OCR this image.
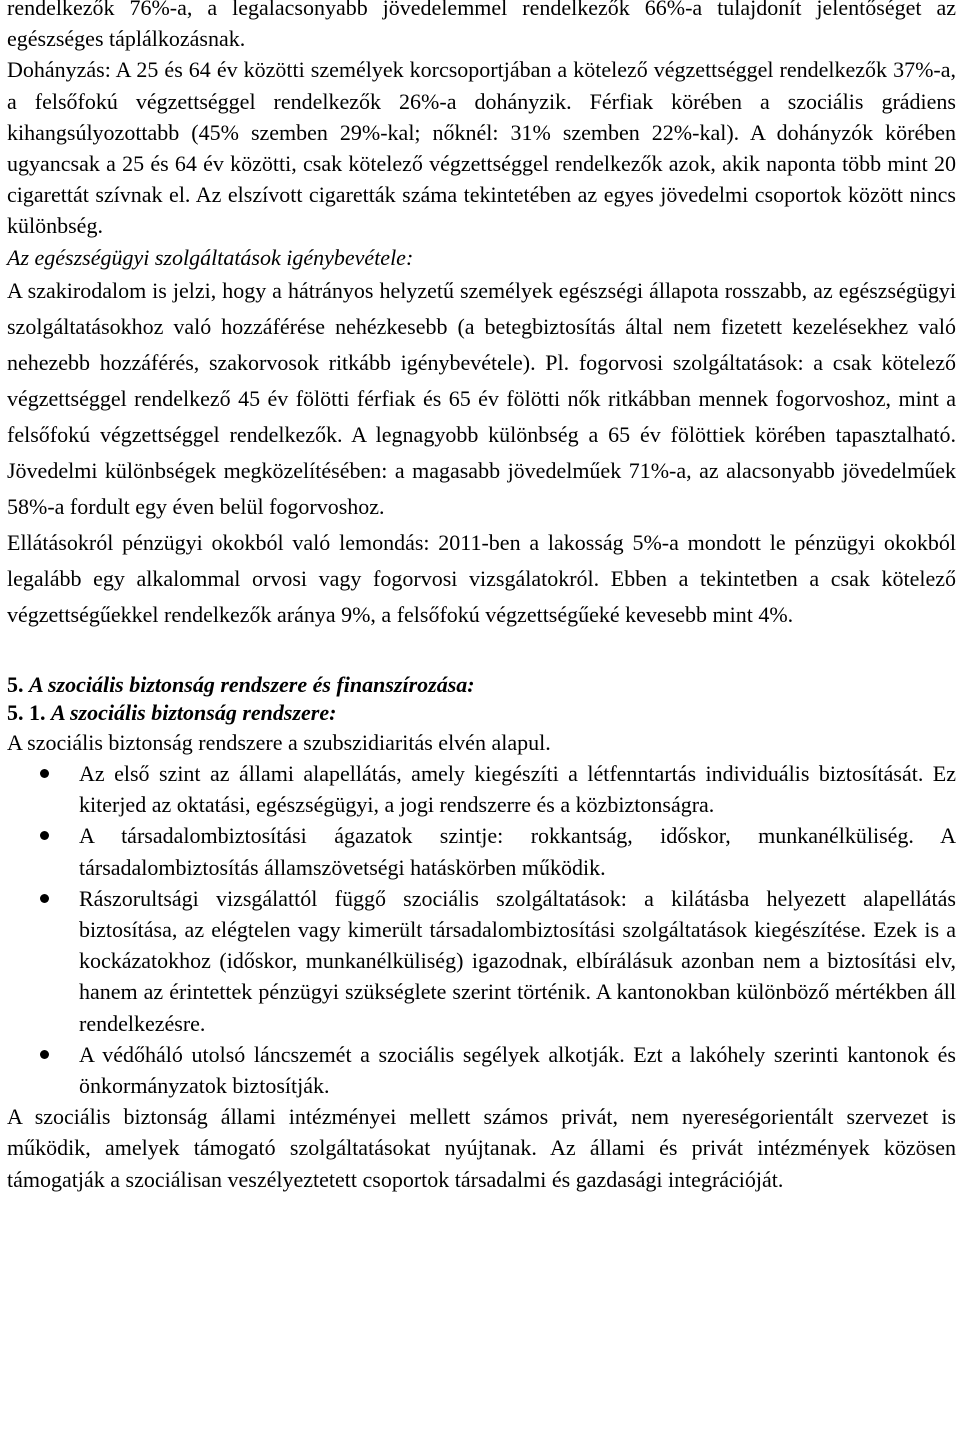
rendelkezők 76%-a, a legalacsonyabb jövedelemmel rendelkezők 66%-a tulajdonít jelentőséget az egészséges táplálkozásnak.

Dohányzás: A 25 és 64 év közötti személyek korcsoportjában a kötelező végzettséggel rendelkezők 37%-a, a felsőfokú végzettséggel rendelkezők 26%-a dohányzik. Férfiak körében a szociális grádiens kihangsúlyozottabb (45% szemben 29%-kal; nőknél: 31% szemben 22%-kal). A dohányzók körében ugyancsak a 25 és 64 év közötti, csak kötelező végzettséggel rendelkezők azok, akik naponta több mint 20 cigarettát szívnak el. Az elszívott cigaretták száma tekintetében az egyes jövedelmi csoportok között nincs különbség.

Az egészségügyi szolgáltatások igénybevétele:

A szakirodalom is jelzi, hogy a hátrányos helyzetű személyek egészségi állapota rosszabb, az egészségügyi szolgáltatásokhoz való hozzáférése nehézkesebb (a betegbiztosítás által nem fizetett kezelésekhez való nehezebb hozzáférés, szakorvosok ritkább igénybevétele). Pl. fogorvosi szolgáltatások: a csak kötelező végzettséggel rendelkező 45 év fölötti férfiak és 65 év fölötti nők ritkábban mennek fogorvoshoz, mint a felsőfokú végzettséggel rendelkezők. A legnagyobb különbség a 65 év fölöttiek körében tapasztalható. Jövedelmi különbségek megközelítésében: a magasabb jövedelműek 71%-a, az alacsonyabb jövedelműek 58%-a fordult egy éven belül fogorvoshoz.

Ellátásokról pénzügyi okokból való lemondás: 2011-ben a lakosság 5%-a mondott le pénzügyi okokból legalább egy alkalommal orvosi vagy fogorvosi vizsgálatokról. Ebben a tekintetben a csak kötelező végzettségűekkel rendelkezők aránya 9%, a felsőfokú végzettségűeké kevesebb mint 4%.

5. A szociális biztonság rendszere és finanszírozása:
5. 1. A szociális biztonság rendszere:

A szociális biztonság rendszere a szubszidiaritás elvén alapul.

Az első szint az állami alapellátás, amely kiegészíti a létfenntartás individuális biztosítását. Ez kiterjed az oktatási, egészségügyi, a jogi rendszerre és a közbiztonságra.
A társadalombiztosítási ágazatok szintje: rokkantság, időskor, munkanélküliség. A társadalombiztosítás államszövetségi hatáskörben működik.
Rászorultsági vizsgálattól függő szociális szolgáltatások: a kilátásba helyezett alapellátás biztosítása, az elégtelen vagy kimerült társadalombiztosítási szolgáltatások kiegészítése. Ezek is a kockázatokhoz (időskor, munkanélküliség) igazodnak, elbírálásuk azonban nem a biztosítási elv, hanem az érintettek pénzügyi szükséglete szerint történik. A kantonokban különböző mértékben áll rendelkezésre.
A védőháló utolsó láncszemét a szociális segélyek alkotják. Ezt a lakóhely szerinti kantonok és önkormányzatok biztosítják.

A szociális biztonság állami intézményei mellett számos privát, nem nyereségorientált szervezet is működik, amelyek támogató szolgáltatásokat nyújtanak. Az állami és privát intézmények közösen támogatják a szociálisan veszélyeztetett csoportok társadalmi és gazdasági integrációját.
